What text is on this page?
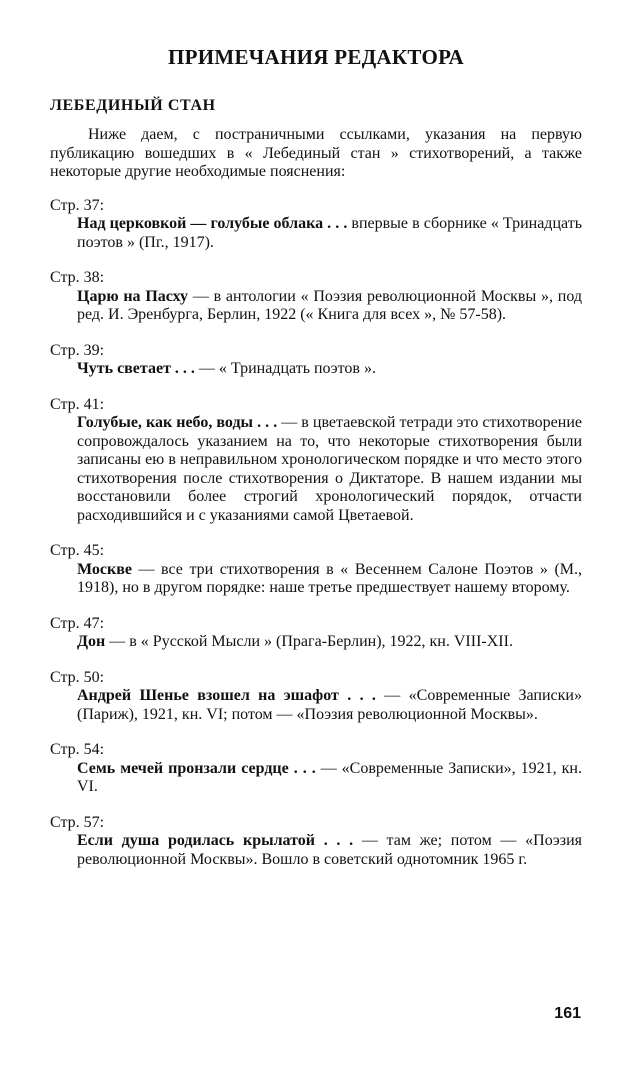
ПРИМЕЧАНИЯ РЕДАКТОРА
ЛЕБЕДИНЫЙ СТАН

Ниже даем, с постраничными ссылками, указания на первую публикацию вошедших в « Лебединый стан » стихотворений, а также некоторые другие необходимые пояснения:

Стр. 37:
Над церковкой — голубые облака . . . впервые в сборнике « Тринадцать поэтов » (Пг., 1917).
Стр. 38:
Царю на Пасху — в антологии « Поэзия революционной Москвы », под ред. И. Эренбурга, Берлин, 1922 (« Книга для всех », № 57-58).
Стр. 39:
Чуть светает . . . — « Тринадцать поэтов ».
Стр. 41:
Голубые, как небо, воды . . . — в цветаевской тетради это стихотворение сопровождалось указанием на то, что некоторые стихотворения были записаны ею в неправильном хронологическом порядке и что место этого стихотворения после стихотворения о Диктаторе. В нашем издании мы восстановили более строгий хронологический порядок, отчасти расходившийся и с указаниями самой Цветаевой.
Стр. 45:
Москве — все три стихотворения в « Весеннем Салоне Поэтов » (М., 1918), но в другом порядке: наше третье предшествует нашему второму.
Стр. 47:
Дон — в « Русской Мысли » (Прага-Берлин), 1922, кн. VIII-XII.
Стр. 50:
Андрей Шенье взошел на эшафот . . . — «Современные Записки» (Париж), 1921, кн. VI; потом — «Поэзия революционной Москвы».
Стр. 54:
Семь мечей пронзали сердце . . . — «Современные Записки», 1921, кн. VI.
Стр. 57:
Если душа родилась крылатой . . . — там же; потом — «Поэзия революционной Москвы». Вошло в советский однотомник 1965 г.
161
